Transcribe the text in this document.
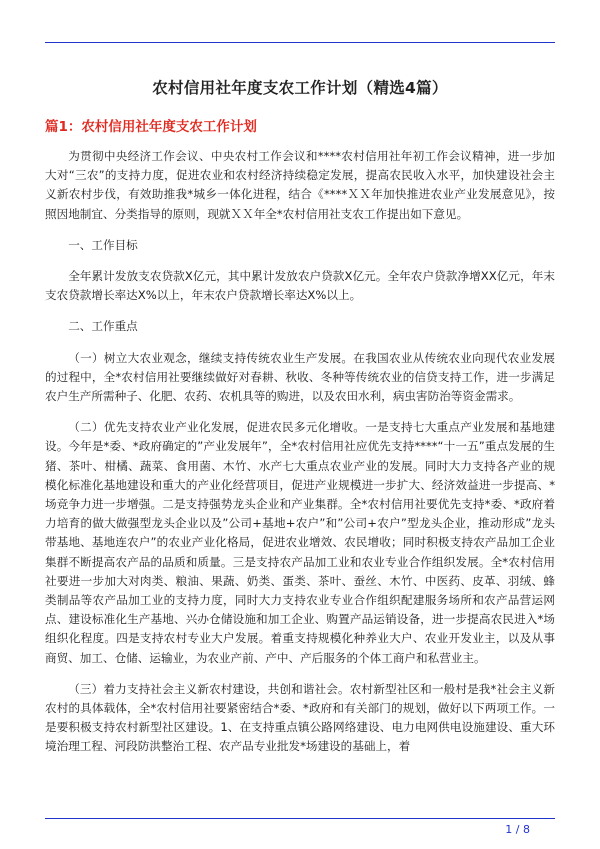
农村信用社年度支农工作计划（精选4篇）
篇1：农村信用社年度支农工作计划

为贯彻中央经济工作会议、中央农村工作会议和****农村信用社年初工作会议精神，进一步加大对“三农”的支持力度，促进农业和农村经济持续稳定发展，提高农民收入水平，加快建设社会主义新农村步伐，有效助推我*城乡一体化进程，结合《****ＸＸ年加快推进农业产业发展意见》，按照因地制宜、分类指导的原则，现就ＸＸ年全*农村信用社支农工作提出如下意见。

一、工作目标

全年累计发放支农贷款X亿元，其中累计发放农户贷款X亿元。全年农户贷款净增XX亿元，年末支农贷款增长率达X%以上，年末农户贷款增长率达X%以上。

二、工作重点

（一）树立大农业观念，继续支持传统农业生产发展。在我国农业从传统农业向现代农业发展的过程中，全*农村信用社要继续做好对春耕、秋收、冬种等传统农业的信贷支持工作，进一步满足农户生产所需种子、化肥、农药、农机具等的购进，以及农田水利，病虫害防治等资金需求。

（二）优先支持农业产业化发展，促进农民多元化增收。一是支持七大重点产业发展和基地建设。今年是*委、*政府确定的”产业发展年”，全*农村信用社应优先支持****“十一五”重点发展的生猪、茶叶、柑橘、蔬菜、食用菌、木竹、水产七大重点农业产业的发展。同时大力支持各产业的规模化标准化基地建设和重大的产业化经营项目，促进产业规模进一步扩大、经济效益进一步提高、*场竞争力进一步增强。二是支持强势龙头企业和产业集群。全*农村信用社要优先支持*委、*政府着力培育的做大做强型龙头企业以及”公司+基地+农户”和”公司+农户”型龙头企业，推动形成”龙头带基地、基地连农户”的农业产业化格局，促进农业增效、农民增收；同时积极支持农产品加工企业集群不断提高农产品的品质和质量。三是支持农产品加工业和农业专业合作组织发展。全*农村信用社要进一步加大对肉类、粮油、果蔬、奶类、蛋类、茶叶、蚕丝、木竹、中医药、皮革、羽绒、蜂类制品等农产品加工业的支持力度，同时大力支持农业专业合作组织配建服务场所和农产品营运网点、建设标准化生产基地、兴办仓储设施和加工企业、购置产品运销设备，进一步提高农民进入*场组织化程度。四是支持农村专业大户发展。着重支持规模化种养业大户、农业开发业主，以及从事商贸、加工、仓储、运输业，为农业产前、产中、产后服务的个体工商户和私营业主。

（三）着力支持社会主义新农村建设，共创和谐社会。农村新型社区和一般村是我*社会主义新农村的具体载体，全*农村信用社要紧密结合*委、*政府和有关部门的规划，做好以下两项工作。一是要积极支持农村新型社区建设。1、在支持重点镇公路网络建设、电力电网供电设施建设、重大环境治理工程、河段防洪整治工程、农产品专业批发*场建设的基础上，着

1 / 8
